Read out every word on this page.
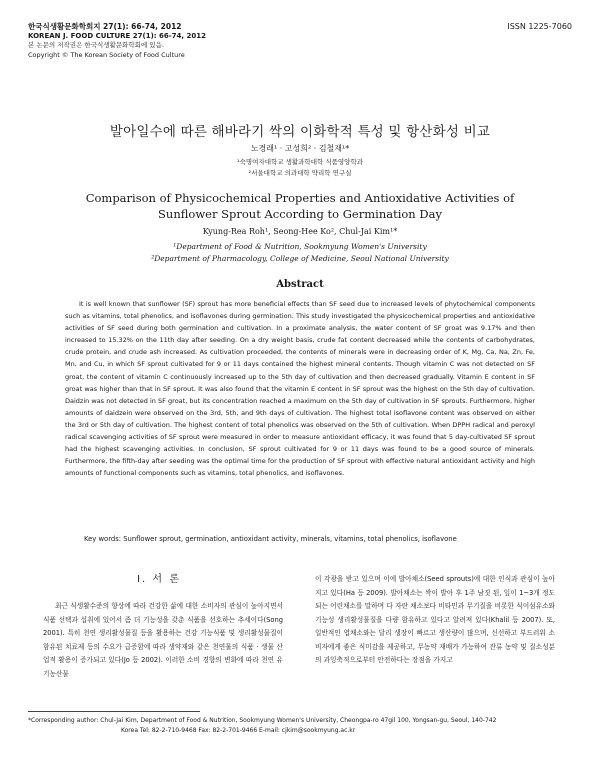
한국식생활문화학회지 27(1): 66-74, 2012
KOREAN J. FOOD CULTURE 27(1): 66-74, 2012
본 논문의 저작권은 한국식생활문화학회에 있음.
Copyright © The Korean Society of Food Culture
ISSN 1225-7060
발아일수에 따른 해바라기 싹의 이화학적 특성 및 항산화성 비교
노경래¹ · 고성희² · 김철재¹*
¹숙명여자대학교 생활과학대학 식품영양학과
²서울대학교 의과대학 약리학 연구실
Comparison of Physicochemical Properties and Antioxidative Activities of
Sunflower Sprout According to Germination Day
Kyung-Rea Roh¹, Seong-Hee Ko², Chul-Jai Kim¹*
¹Department of Food & Nutrition, Sookmyung Women's University
²Department of Pharmacology, College of Medicine, Seoul National University
Abstract
It is well known that sunflower (SF) sprout has more beneficial effects than SF seed due to increased levels of phytochemical components such as vitamins, total phenolics, and isoflavones during germination. This study investigated the physicochemical properties and antioxidative activities of SF seed during both germination and cultivation. In a proximate analysis, the water content of SF groat was 9.17% and then increased to 15.32% on the 11th day after seeding. On a dry weight basis, crude fat content decreased while the contents of carbohydrates, crude protein, and crude ash increased. As cultivation proceeded, the contents of minerals were in decreasing order of K, Mg, Ca, Na, Zn, Fe, Mn, and Cu, in which SF sprout cultivated for 9 or 11 days contained the highest mineral contents. Though vitamin C was not detected on SF groat, the content of vitamin C continuously increased up to the 5th day of cultivation and then decreased gradually. Vitamin E content in SF groat was higher than that in SF sprout. It was also found that the vitamin E content in SF sprout was the highest on the 5th day of cultivation. Daidzin was not detected in SF groat, but its concentration reached a maximum on the 5th day of cultivation in SF sprouts. Furthermore, higher amounts of daidzein were observed on the 3rd, 5th, and 9th days of cultivation. The highest total isoflavone content was observed on either the 3rd or 5th day of cultivation. The highest content of total phenolics was observed on the 5th of cultivation. When DPPH radical and peroxyl radical scavenging activities of SF sprout were measured in order to measure antioxidant efficacy, it was found that 5 day-cultivated SF sprout had the highest scavenging activities. In conclusion, SF sprout cultivated for 9 or 11 days was found to be a good source of minerals. Furthermore, the fifth-day after seeding was the optimal time for the production of SF sprout with effective natural antioxidant activity and high amounts of functional components such as vitamins, total phenolics, and isoflavones.
Key words: Sunflower sprout, germination, antioxidant activity, minerals, vitamins, total phenolics, isoflavone
I. 서 론
최근 식생활수준의 향상에 따라 건강한 삶에 대한 소비자의 관심이 높아지면서 식품 선택과 섭취에 있어서 좀 더 기능성을 갖춘 식품을 선호하는 추세이다(Song 2001). 특히 천연 생리활성물질 등을 활용하는 건강 기능식품 및 생리활성물질이 함유된 치료제 등의 수요가 급증함에 따라 생약재와 같은 천연물의 식품 · 생물 산업적 활용이 증가되고 있다(Jo 등 2002). 이러한 소비 경향의 변화에 따라 천연 유기농산물
이 각광을 받고 있으며 이에 발아채소(Seed sprouts)에 대한 인식과 관심이 높아지고 있다(Ha 등 2009). 발아채소는 싹이 발아 후 1주 남짓 된, 잎이 1~3개 정도 되는 어린채소를 말하며 다 자란 채소보다 비타민과 무기질을 비롯한 식이섬유소와 기능성 생리활성물질을 다량 함유하고 있다고 알려져 있다(Khalil 등 2007). 또, 일반적인 엽채소와는 달리 생장이 빠르고 생산량이 많으며, 신선하고 부드러워 소비자에게 좋은 식미감을 제공하고, 무농약 재배가 가능하여 잔류 농약 및 질소성분의 과잉축적으로부터 안전하다는 장점을 가지고
*Corresponding author: Chul-Jai Kim, Department of Food & Nutrition, Sookmyung Women's University, Cheongpa-ro 47gil 100, Yongsan-gu, Seoul, 140-742
Korea Tel: 82-2-710-9468 Fax: 82-2-701-9466 E-mail: cjkim@sookmyung.ac.kr
